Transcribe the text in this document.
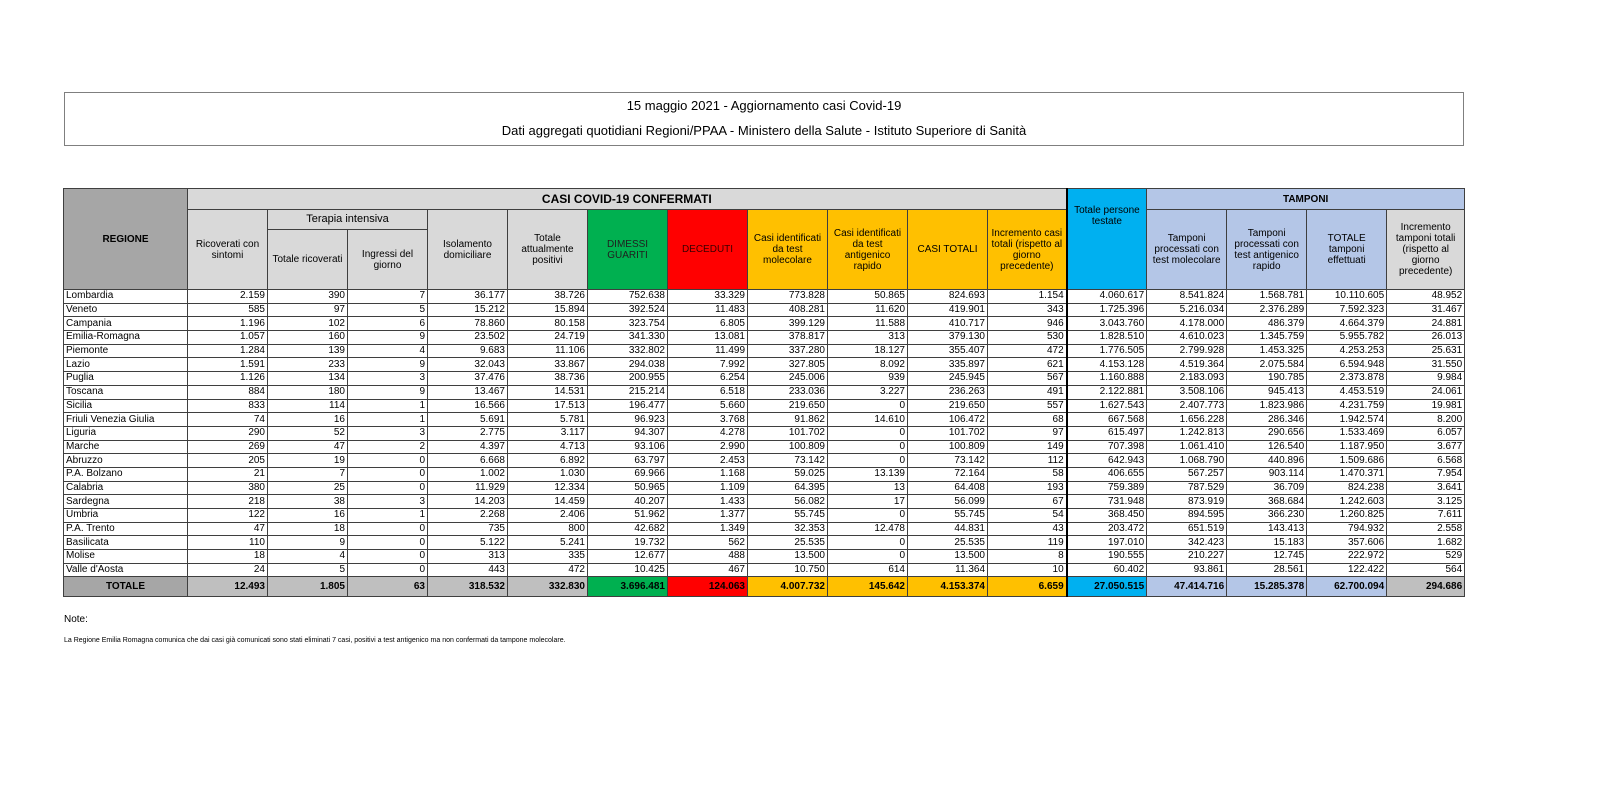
15 maggio 2021 - Aggiornamento casi Covid-19
Dati aggregati quotidiani Regioni/PPAA - Ministero della Salute - Istituto Superiore di Sanità
REGIONE	CASI COVID-19 CONFERMATI											Totale persone testate	TAMPONI			
	Ricoverati con sintomi	Terapia intensiva		Isolamento domiciliare	Totale attualmente positivi	DIMESSI GUARITI	DECEDUTI	Casi identificati da test molecolare	Casi identificati da test antigenico rapido	CASI TOTALI	Incremento casi totali (rispetto al giorno precedente)		Tamponi processati con test molecolare	Tamponi processati con test antigenico rapido	TOTALE tamponi effettuati	Incremento tamponi totali (rispetto al giorno precedente)
		Totale ricoverati	Ingressi del giorno													
Lombardia	2.159	390	7	36.177	38.726	752.638	33.329	773.828	50.865	824.693	1.154	4.060.617	8.541.824	1.568.781	10.110.605	48.952
Veneto	585	97	5	15.212	15.894	392.524	11.483	408.281	11.620	419.901	343	1.725.396	5.216.034	2.376.289	7.592.323	31.467
Campania	1.196	102	6	78.860	80.158	323.754	6.805	399.129	11.588	410.717	946	3.043.760	4.178.000	486.379	4.664.379	24.881
Emilia-Romagna	1.057	160	9	23.502	24.719	341.330	13.081	378.817	313	379.130	530	1.828.510	4.610.023	1.345.759	5.955.782	26.013
Piemonte	1.284	139	4	9.683	11.106	332.802	11.499	337.280	18.127	355.407	472	1.776.505	2.799.928	1.453.325	4.253.253	25.631
Lazio	1.591	233	9	32.043	33.867	294.038	7.992	327.805	8.092	335.897	621	4.153.128	4.519.364	2.075.584	6.594.948	31.550
Puglia	1.126	134	3	37.476	38.736	200.955	6.254	245.006	939	245.945	567	1.160.888	2.183.093	190.785	2.373.878	9.984
Toscana	884	180	9	13.467	14.531	215.214	6.518	233.036	3.227	236.263	491	2.122.881	3.508.106	945.413	4.453.519	24.061
Sicilia	833	114	1	16.566	17.513	196.477	5.660	219.650	0	219.650	557	1.627.543	2.407.773	1.823.986	4.231.759	19.981
Friuli Venezia Giulia	74	16	1	5.691	5.781	96.923	3.768	91.862	14.610	106.472	68	667.568	1.656.228	286.346	1.942.574	8.200
Liguria	290	52	3	2.775	3.117	94.307	4.278	101.702	0	101.702	97	615.497	1.242.813	290.656	1.533.469	6.057
Marche	269	47	2	4.397	4.713	93.106	2.990	100.809	0	100.809	149	707.398	1.061.410	126.540	1.187.950	3.677
Abruzzo	205	19	0	6.668	6.892	63.797	2.453	73.142	0	73.142	112	642.943	1.068.790	440.896	1.509.686	6.568
P.A. Bolzano	21	7	0	1.002	1.030	69.966	1.168	59.025	13.139	72.164	58	406.655	567.257	903.114	1.470.371	7.954
Calabria	380	25	0	11.929	12.334	50.965	1.109	64.395	13	64.408	193	759.389	787.529	36.709	824.238	3.641
Sardegna	218	38	3	14.203	14.459	40.207	1.433	56.082	17	56.099	67	731.948	873.919	368.684	1.242.603	3.125
Umbria	122	16	1	2.268	2.406	51.962	1.377	55.745	0	55.745	54	368.450	894.595	366.230	1.260.825	7.611
P.A. Trento	47	18	0	735	800	42.682	1.349	32.353	12.478	44.831	43	203.472	651.519	143.413	794.932	2.558
Basilicata	110	9	0	5.122	5.241	19.732	562	25.535	0	25.535	119	197.010	342.423	15.183	357.606	1.682
Molise	18	4	0	313	335	12.677	488	13.500	0	13.500	8	190.555	210.227	12.745	222.972	529
Valle d'Aosta	24	5	0	443	472	10.425	467	10.750	614	11.364	10	60.402	93.861	28.561	122.422	564
TOTALE	12.493	1.805	63	318.532	332.830	3.696.481	124.063	4.007.732	145.642	4.153.374	6.659	27.050.515	47.414.716	15.285.378	62.700.094	294.686
Note:
La Regione Emilia Romagna comunica che dai casi già comunicati sono stati eliminati 7 casi, positivi a test antigenico ma non confermati da tampone molecolare.
